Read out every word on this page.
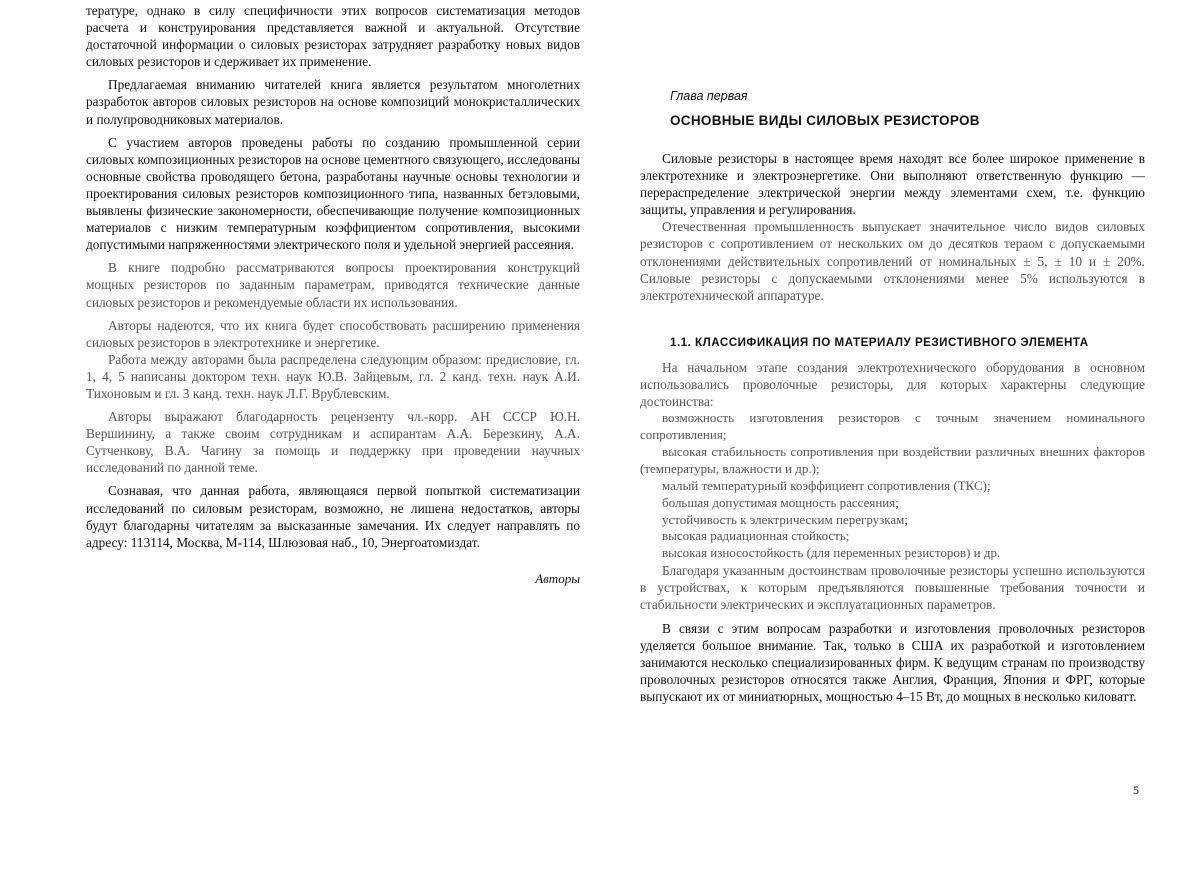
тературе, однако в силу специфичности этих вопросов систематизация методов расчета и конструирования представляется важной и актуальной. Отсутствие достаточной информации о силовых резисторах затрудняет разработку новых видов силовых резисторов и сдерживает их применение.

Предлагаемая вниманию читателей книга является результатом многолетних разработок авторов силовых резисторов на основе композиций монокристаллических и полупроводниковых материалов.

С участием авторов проведены работы по созданию промышленной серии силовых композиционных резисторов на основе цементного связующего, исследованы основные свойства проводящего бетона, разработаны научные основы технологии и проектирования силовых резисторов композиционного типа, названных бетэловыми, выявлены физические закономерности, обеспечивающие получение композиционных материалов с низким температурным коэффициентом сопротивления, высокими допустимыми напряженностями электрического поля и удельной энергией рассеяния.

В книге подробно рассматриваются вопросы проектирования конструкций мощных резисторов по заданным параметрам, приводятся технические данные силовых резисторов и рекомендуемые области их использования.

Авторы надеются, что их книга будет способствовать расширению применения силовых резисторов в электротехнике и энергетике.

Работа между авторами была распределена следующим образом: предисловие, гл. 1, 4, 5 написаны доктором техн. наук Ю.В. Зайцевым, гл. 2 канд. техн. наук А.И. Тихоновым и гл. 3 канд. техн. наук Л.Г. Врублевским.

Авторы выражают благодарность рецензенту чл.-корр. АН СССР Ю.Н. Вершинину, а также своим сотрудникам и аспирантам А.А. Березкину, А.А. Сутченкову, В.А. Чагину за помощь и поддержку при проведении научных исследований по данной теме.

Сознавая, что данная работа, являющаяся первой попыткой систематизации исследований по силовым резисторам, возможно, не лишена недостатков, авторы будут благодарны читателям за высказанные замечания. Их следует направлять по адресу: 113114, Москва, М-114, Шлюзовая наб., 10, Энергоатомиздат.

Авторы
Глава первая
ОСНОВНЫЕ ВИДЫ СИЛОВЫХ РЕЗИСТОРОВ

Силовые резисторы в настоящее время находят все более широкое применение в электротехнике и электроэнергетике. Они выполняют ответственную функцию — перераспределение электрической энергии между элементами схем, т.е. функцию защиты, управления и регулирования.

Отечественная промышленность выпускает значительное число видов силовых резисторов с сопротивлением от нескольких ом до десятков тераом с допускаемыми отклонениями действительных сопротивлений от номинальных ± 5, ± 10 и ± 20%. Силовые резисторы с допускаемыми отклонениями менее 5% используются в электротехнической аппаратуре.

1.1. КЛАССИФИКАЦИЯ ПО МАТЕРИАЛУ РЕЗИСТИВНОГО ЭЛЕМЕНТА

На начальном этапе создания электротехнического оборудования в основном использовались проволочные резисторы, для которых характерны следующие достоинства:

возможность изготовления резисторов с точным значением номинального сопротивления;

высокая стабильность сопротивления при воздействии различных внешних факторов (температуры, влажности и др.);

малый температурный коэффициент сопротивления (ТКС);

большая допустимая мощность рассеяния;

устойчивость к электрическим перегрузкам;

высокая радиационная стойкость;

высокая износостойкость (для переменных резисторов) и др.

Благодаря указанным достоинствам проволочные резисторы успешно используются в устройствах, к которым предъявляются повышенные требования точности и стабильности электрических и эксплуатационных параметров.

В связи с этим вопросам разработки и изготовления проволочных резисторов уделяется большое внимание. Так, только в США их разработкой и изготовлением занимаются несколько специализированных фирм. К ведущим странам по производству проволочных резисторов относятся также Англия, Франция, Япония и ФРГ, которые выпускают их от миниатюрных, мощностью 4–15 Вт, до мощных в несколько киловатт.

5
